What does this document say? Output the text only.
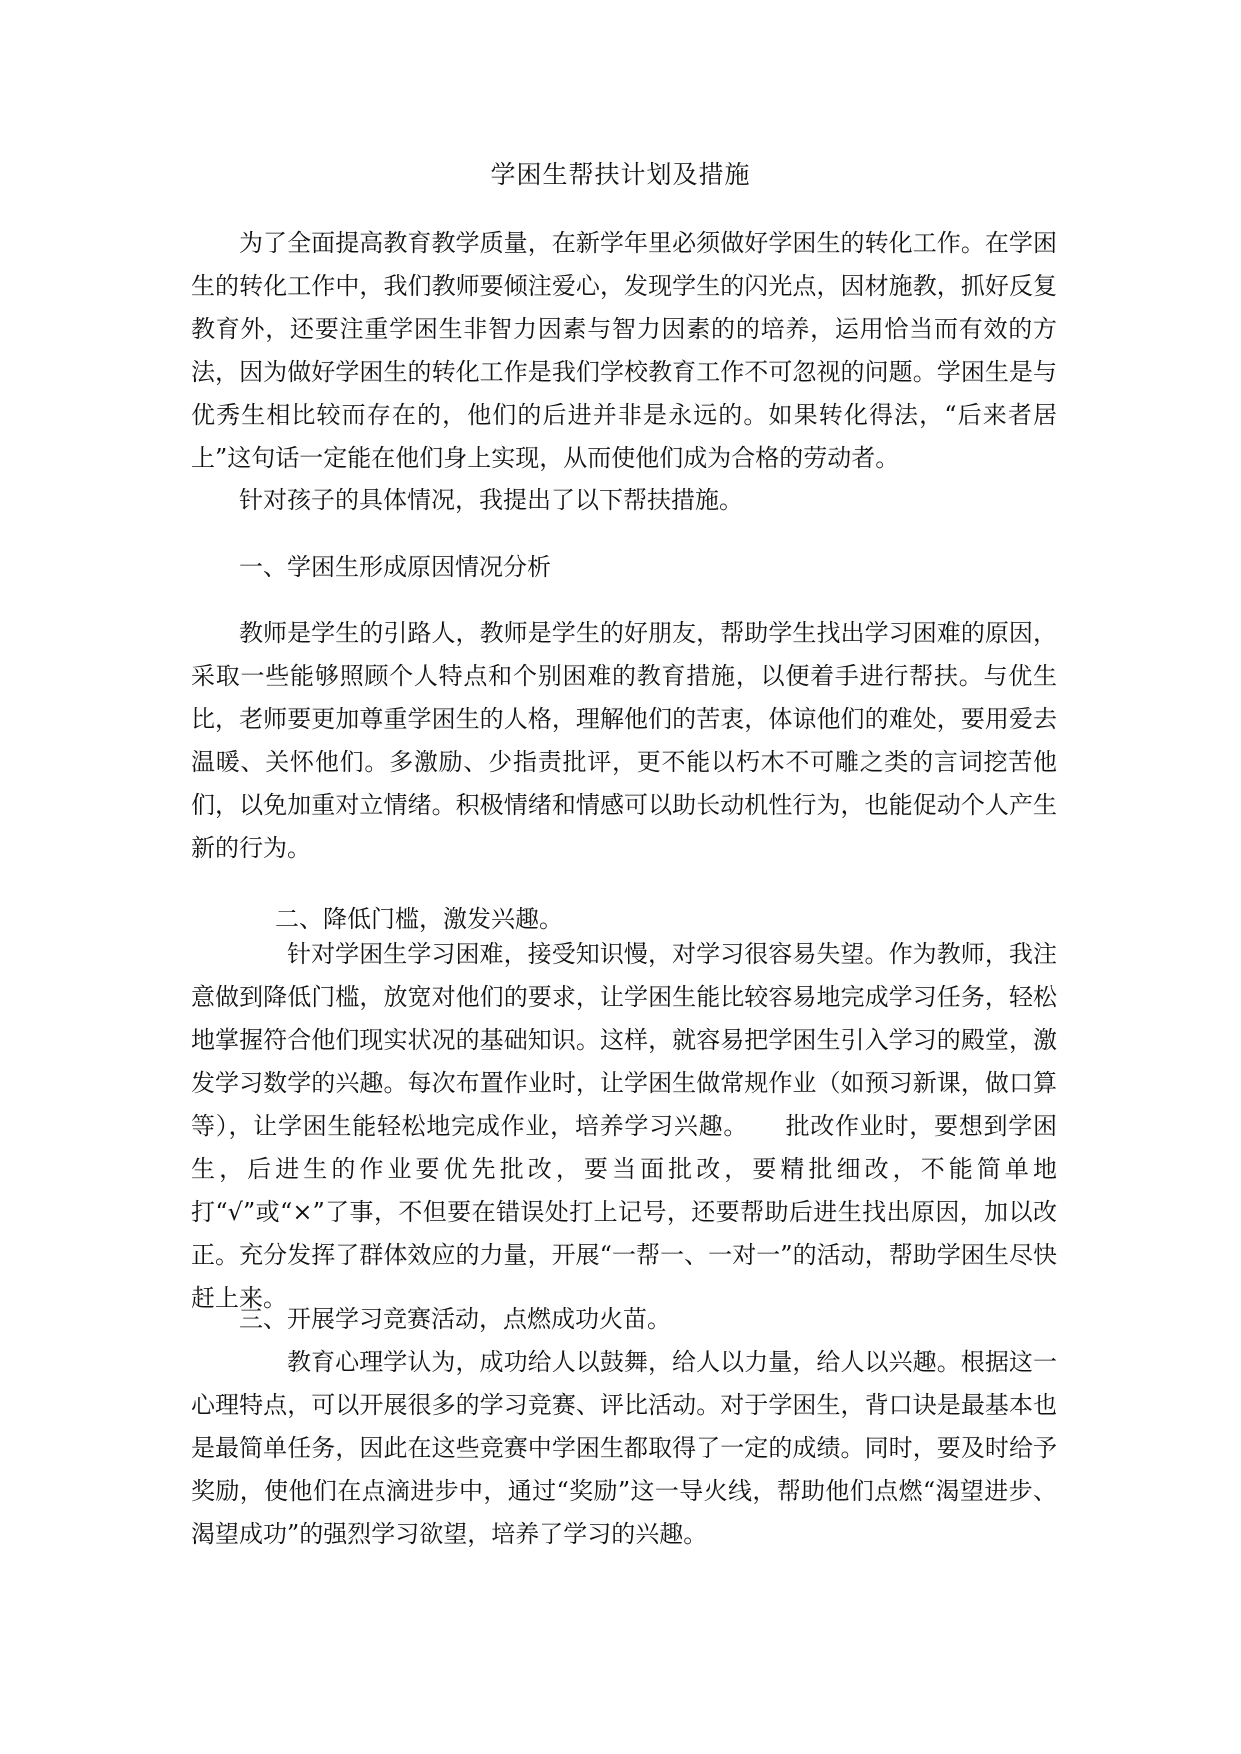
学困生帮扶计划及措施

为了全面提高教育教学质量，在新学年里必须做好学困生的转化工作。在学困生的转化工作中，我们教师要倾注爱心，发现学生的闪光点，因材施教，抓好反复教育外，还要注重学困生非智力因素与智力因素的的培养，运用恰当而有效的方法，因为做好学困生的转化工作是我们学校教育工作不可忽视的问题。学困生是与优秀生相比较而存在的，他们的后进并非是永远的。如果转化得法，“后来者居上”这句话一定能在他们身上实现，从而使他们成为合格的劳动者。

针对孩子的具体情况，我提出了以下帮扶措施。

一、学困生形成原因情况分析

教师是学生的引路人，教师是学生的好朋友，帮助学生找出学习困难的原因，采取一些能够照顾个人特点和个别困难的教育措施，以便着手进行帮扶。与优生比，老师要更加尊重学困生的人格，理解他们的苦衷，体谅他们的难处，要用爱去温暖、关怀他们。多激励、少指责批评，更不能以朽木不可雕之类的言词挖苦他们，以免加重对立情绪。积极情绪和情感可以助长动机性行为，也能促动个人产生新的行为。

二、降低门槛，激发兴趣。

针对学困生学习困难，接受知识慢，对学习很容易失望。作为教师，我注意做到降低门槛，放宽对他们的要求，让学困生能比较容易地完成学习任务，轻松地掌握符合他们现实状况的基础知识。这样，就容易把学困生引入学习的殿堂，激发学习数学的兴趣。每次布置作业时，让学困生做常规作业（如预习新课，做口算等），让学困生能轻松地完成作业，培养学习兴趣。　　批改作业时，要想到学困生，后进生的作业要优先批改，要当面批改，要精批细改，不能简单地打“√”或“×”了事，不但要在错误处打上记号，还要帮助后进生找出原因，加以改正。充分发挥了群体效应的力量，开展“一帮一、一对一”的活动，帮助学困生尽快赶上来。

三、开展学习竞赛活动，点燃成功火苗。

教育心理学认为，成功给人以鼓舞，给人以力量，给人以兴趣。根据这一心理特点，可以开展很多的学习竞赛、评比活动。对于学困生，背口诀是最基本也是最简单任务，因此在这些竞赛中学困生都取得了一定的成绩。同时，要及时给予奖励，使他们在点滴进步中，通过“奖励”这一导火线，帮助他们点燃“渴望进步、渴望成功”的强烈学习欲望，培养了学习的兴趣。
